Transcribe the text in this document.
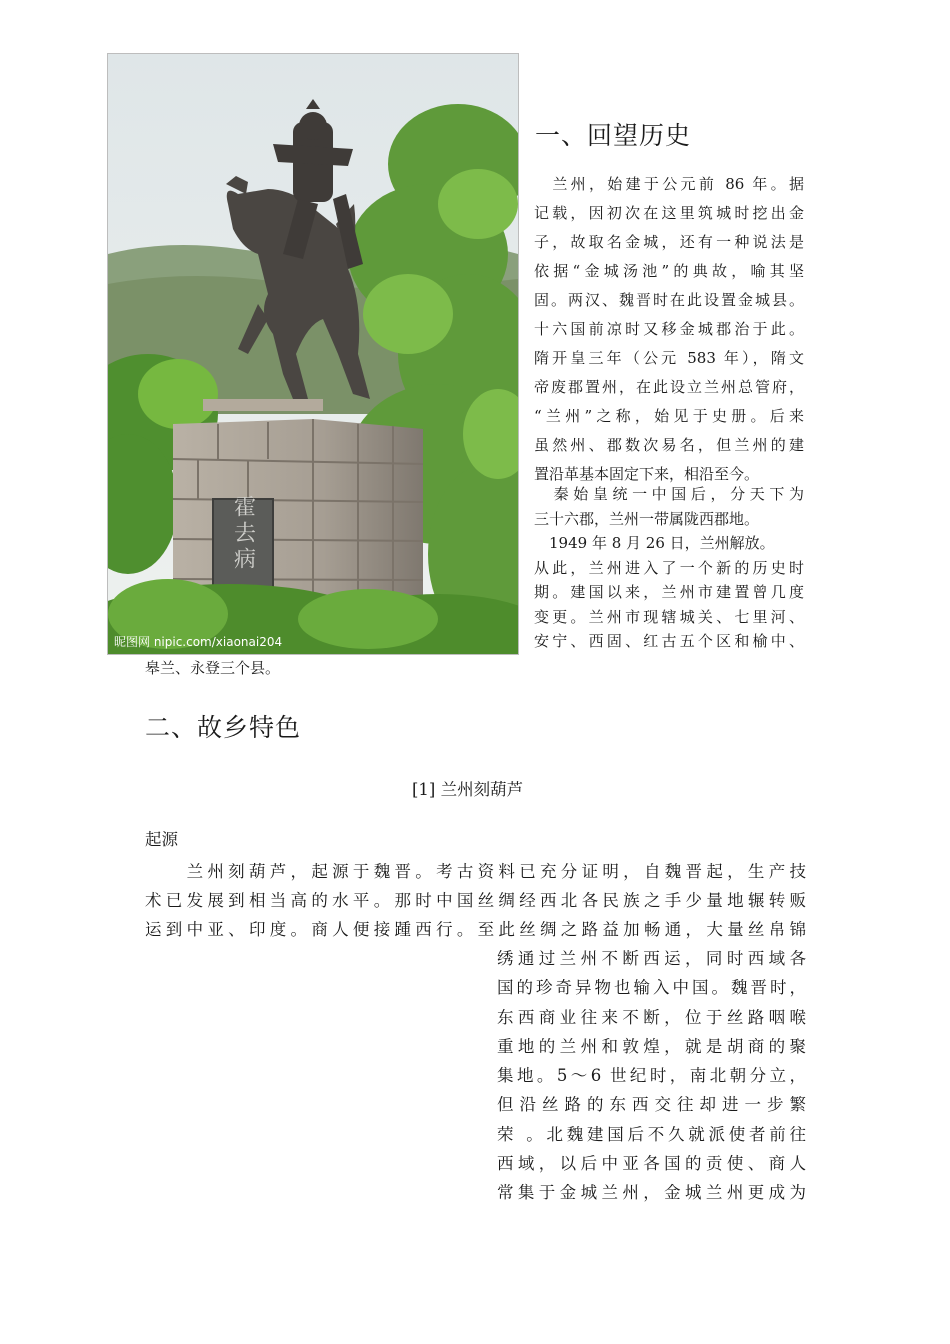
霍去病
昵图网 nipic.com/xiaonai204
一、回望历史

　兰州，始建于公元前 86 年。据

记载，因初次在这里筑城时挖出金

子，故取名金城，还有一种说法是

依据“金城汤池”的典故，喻其坚

固。两汉、魏晋时在此设置金城县。

十六国前凉时又移金城郡治于此。

隋开皇三年（公元 583 年），隋文

帝废郡置州，在此设立兰州总管府，

“兰州”之称，始见于史册。后来

虽然州、郡数次易名，但兰州的建

置沿革基本固定下来，相沿至今。

　秦始皇统一中国后，分天下为

三十六郡，兰州一带属陇西郡地。

　1949 年 8 月 26 日，兰州解放。

从此，兰州进入了一个新的历史时

期。建国以来，兰州市建置曾几度

变更。兰州市现辖城关、七里河、

安宁、西固、红古五个区和榆中、

皋兰、永登三个县。

二、故乡特色
[1] 兰州刻葫芦

起源

　　兰州刻葫芦，起源于魏晋。考古资料已充分证明，自魏晋起，生产技

术已发展到相当高的水平。那时中国丝绸经西北各民族之手少量地辗转贩

运到中亚、印度。商人便接踵西行。至此丝绸之路益加畅通，大量丝帛锦

绣通过兰州不断西运，同时西域各

国的珍奇异物也输入中国。魏晋时，

东西商业往来不断，位于丝路咽喉

重地的兰州和敦煌，就是胡商的聚

集地。5～6 世纪时，南北朝分立，

但沿丝路的东西交往却进一步繁

荣 。北魏建国后不久就派使者前往

西域，以后中亚各国的贡使、商人

常集于金城兰州，金城兰州更成为
